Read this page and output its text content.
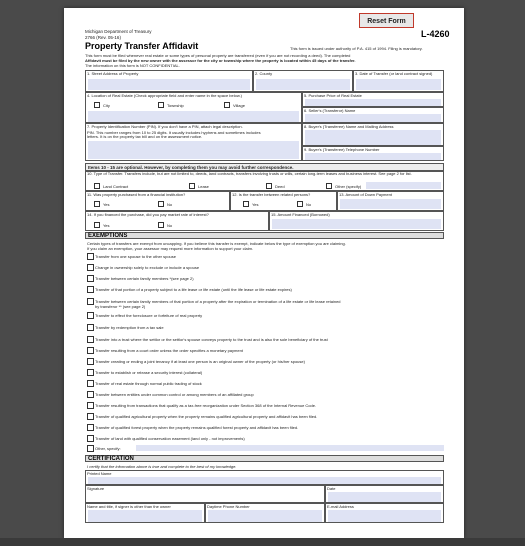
Reset Form
Michigan Department of Treasury
2766 (Rev. 05-16)
Property Transfer Affidavit
L-4260
This form is issued under authority of P.A. 415 of 1994. Filing is mandatory.
This form must be filed whenever real estate or some types of personal property are transferred (even if you are not recording a deed). The completed
Affidavit must be filed by the new owner with the assessor for the city or township where the property is located within 45 days of the transfer.
The information on this form is NOT CONFIDENTIAL.
1. Street Address of Property	2. County	3. Date of Transfer (or land contract signed)
4. Location of Real Estate (Check appropriate field and enter name in the space below.)
City	Township	Village
5. Purchase Price of Real Estate
6. Seller's (Transferor) Name
7. Property Identification Number (PIN). If you don't have a PIN, attach legal description.
PIN. This number ranges from 10 to 25 digits. It usually includes hyphens and sometimes includes
letters. It is on the property tax bill and on the assessment notice.
8. Buyer's (Transferee) Name and Mailing Address
9. Buyer's (Transferee) Telephone Number
Items 10 - 15 are optional. However, by completing them you may avoid further correspondence.
10. Type of Transfer. Transfers include, but are not limited to, deeds, land contracts, transfers involving trusts or wills, certain long-term leases and business interest. See page 2 for list.
Land Contract	Lease	Deed	Other (specify)
11. Was property purchased from a financial institution?
Yes	No
12. Is the transfer between related persons?
Yes	No
13. Amount of Down Payment
14. If you financed the purchase, did you pay market rate of interest?
Yes	No
15. Amount Financed (Borrowed)
EXEMPTIONS
Certain types of transfers are exempt from uncapping. If you believe this transfer is exempt, indicate below the type of exemption you are claiming.
If you claim an exemption, your assessor may request more information to support your claim.
Transfer from one spouse to the other spouse
Change in ownership solely to exclude or include a spouse
Transfer between certain family members *(see page 2)
Transfer of that portion of a property subject to a life lease or life estate (until the life lease or life estate expires)
Transfer between certain family members of that portion of a property after the expiration or termination of a life estate or life lease retained
by transferor ** (see page 2)
Transfer to effect the foreclosure or forfeiture of real property
Transfer by redemption from a tax sale
Transfer into a trust where the settlor or the settlor's spouse conveys property to the trust and is also the sole beneficiary of the trust
Transfer resulting from a court order unless the order specifies a monetary payment
Transfer creating or ending a joint tenancy if at least one person is an original owner of the property (or his/her spouse)
Transfer to establish or release a security interest (collateral)
Transfer of real estate through normal public trading of stock
Transfer between entities under common control or among members of an affiliated group
Transfer resulting from transactions that qualify as a tax-free reorganization under Section 368 of the Internal Revenue Code.
Transfer of qualified agricultural property when the property remains qualified agricultural property and affidavit has been filed.
Transfer of qualified forest property when the property remains qualified forest property and affidavit has been filed.
Transfer of land with qualified conservation easement (land only - not improvements)
Other, specify:
CERTIFICATION
I certify that the information above is true and complete to the best of my knowledge.
Printed Name
Signature	Date
Name and title, if signer is other than the owner	Daytime Phone Number	E-mail Address
